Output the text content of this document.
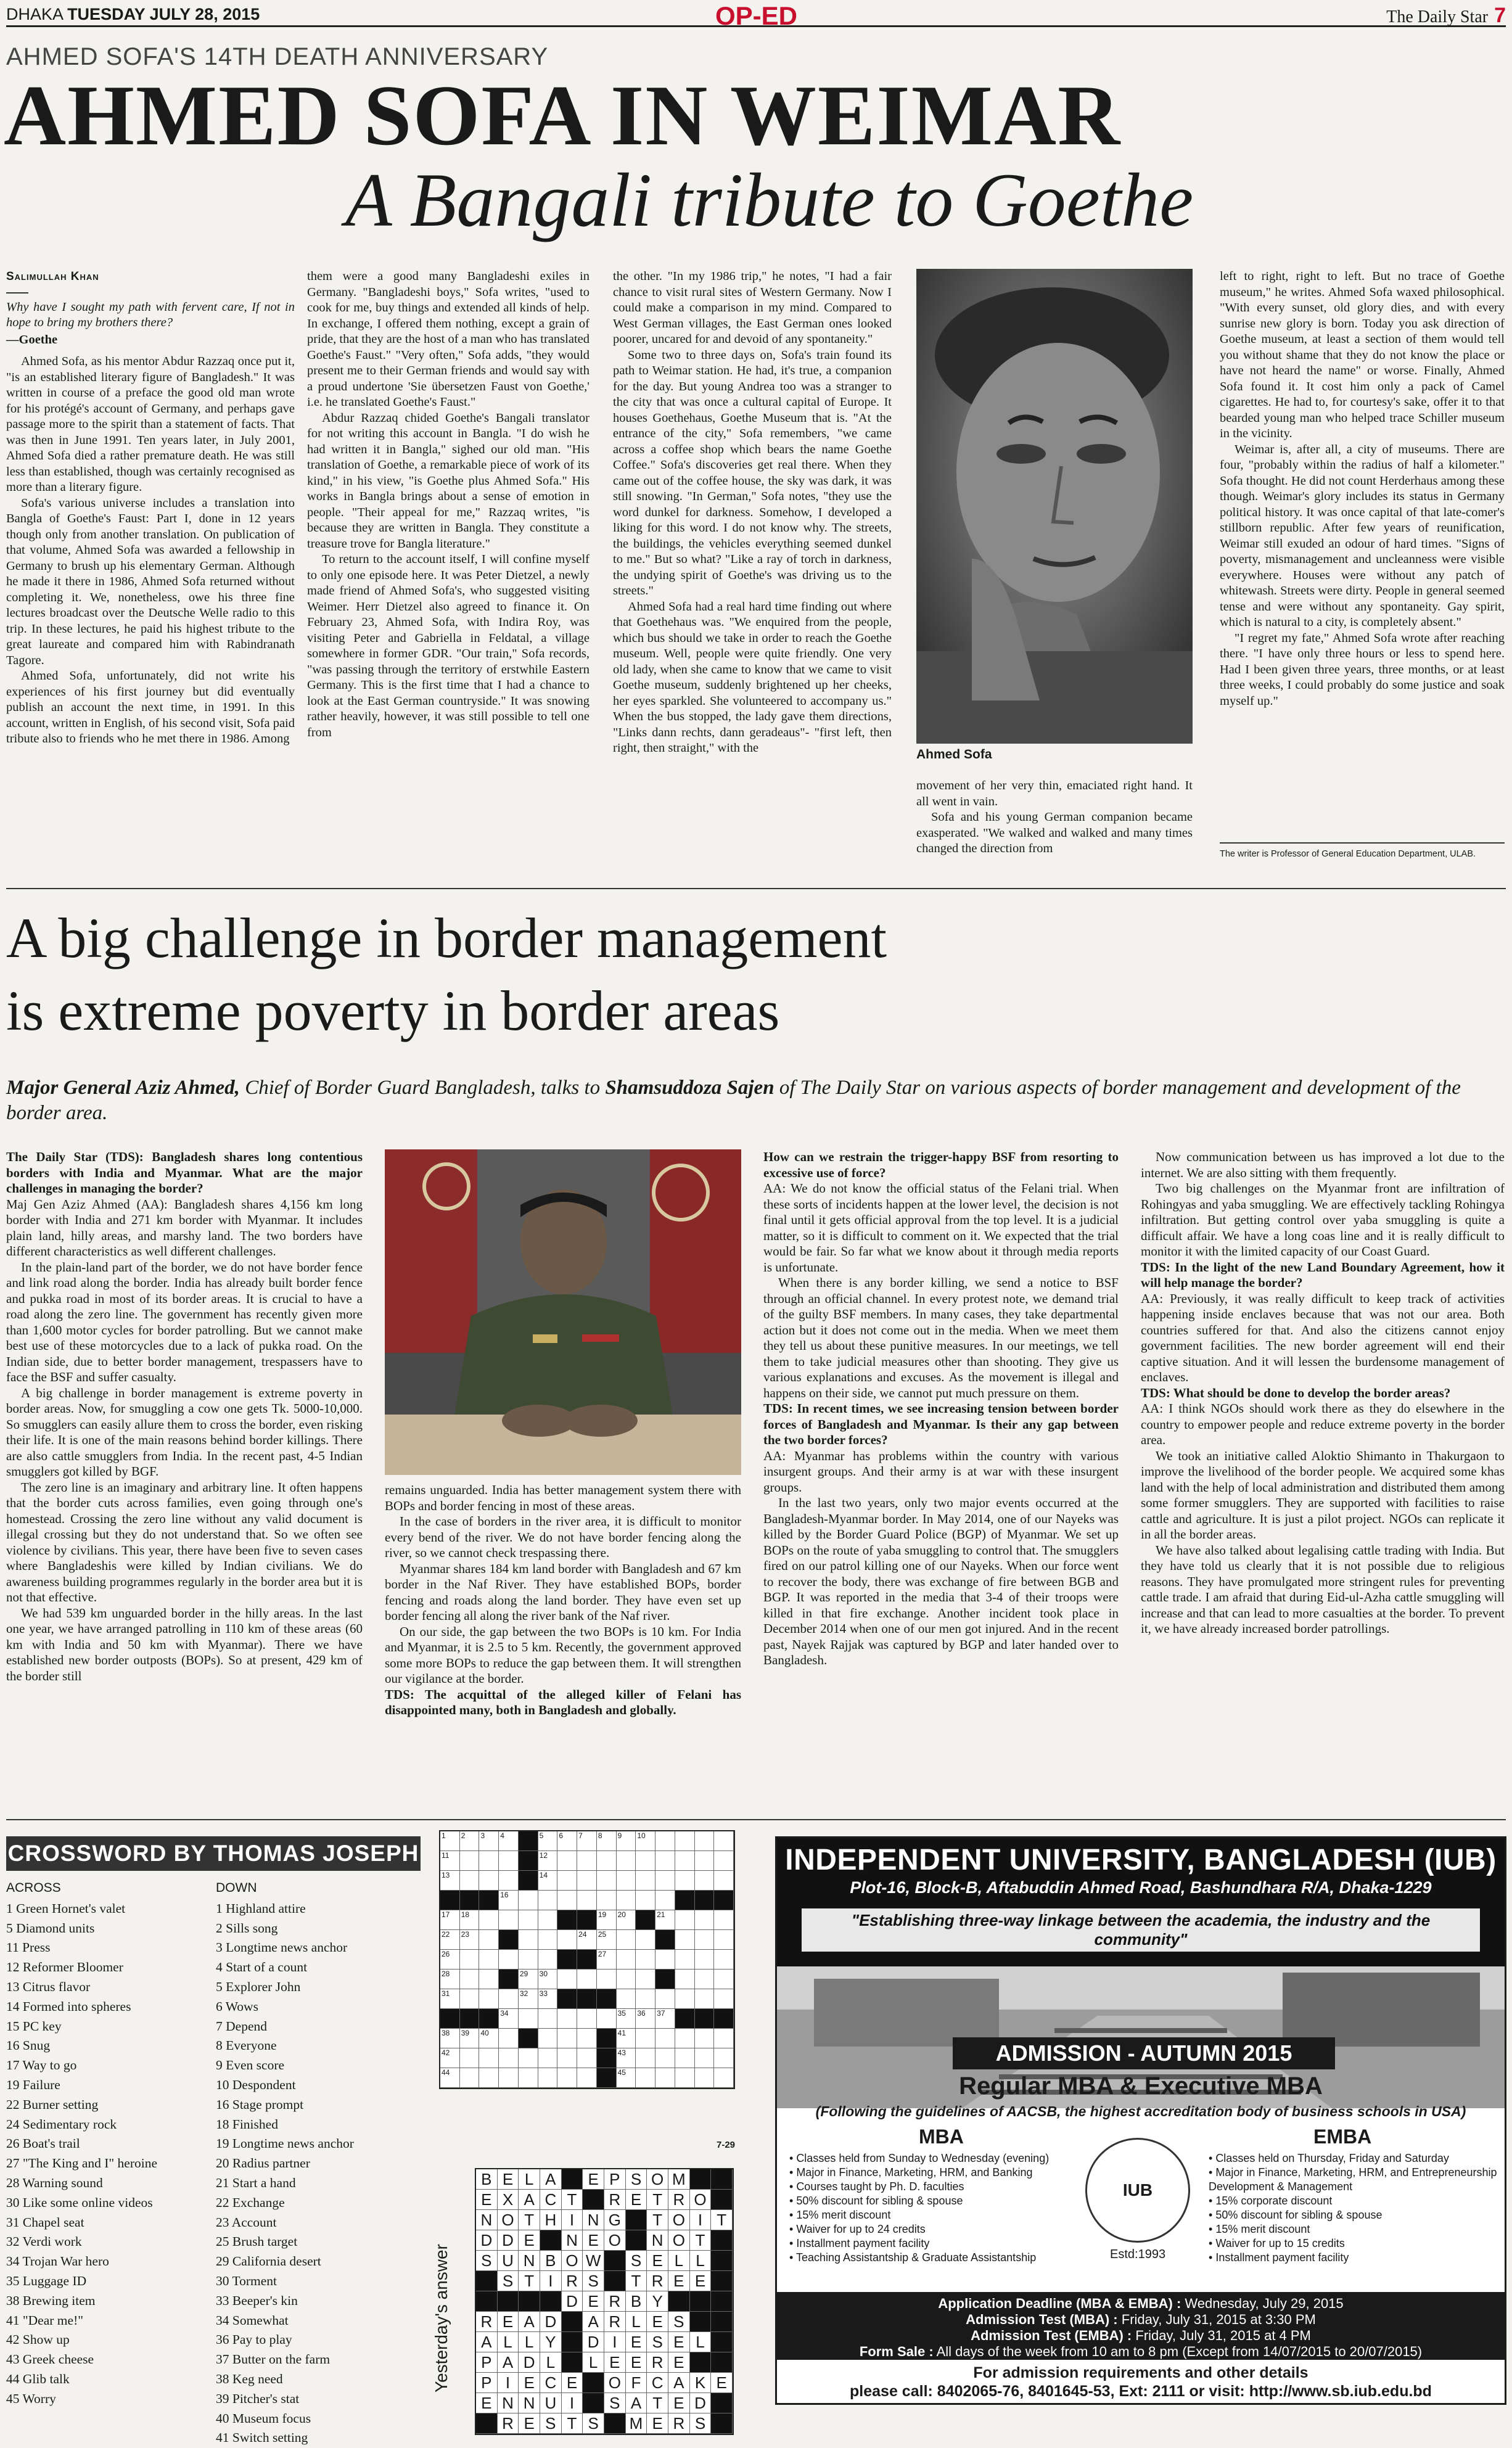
DHAKA TUESDAY JULY 28, 2015	OP-ED	The Daily Star 7
AHMED SOFA'S 14TH DEATH ANNIVERSARY
AHMED SOFA IN WEIMAR
A Bangali tribute to Goethe
Salimullah Khan

Why have I sought my path with fervent care, If not in hope to bring my brothers there?

—Goethe

Ahmed Sofa, as his mentor Abdur Razzaq once put it, "is an established literary figure of Bangladesh." It was written in course of a preface the good old man wrote for his protégé's account of Germany, and perhaps gave passage more to the spirit than a statement of facts. That was then in June 1991. Ten years later, in July 2001, Ahmed Sofa died a rather premature death. He was still less than established, though was certainly recognised as more than a literary figure.

Sofa's various universe includes a translation into Bangla of Goethe's Faust: Part I, done in 12 years though only from another translation. On publication of that volume, Ahmed Sofa was awarded a fellowship in Germany to brush up his elementary German. Although he made it there in 1986, Ahmed Sofa returned without completing it. We, nonetheless, owe his three fine lectures broadcast over the Deutsche Welle radio to this trip. In these lectures, he paid his highest tribute to the great laureate and compared him with Rabindranath Tagore.

Ahmed Sofa, unfortunately, did not write his experiences of his first journey but did eventually publish an account the next time, in 1991. In this account, written in English, of his second visit, Sofa paid tribute also to friends who he met there in 1986. Among

them were a good many Bangladeshi exiles in Germany. "Bangladeshi boys," Sofa writes, "used to cook for me, buy things and extended all kinds of help. In exchange, I offered them nothing, except a grain of pride, that they are the host of a man who has translated Goethe's Faust." "Very often," Sofa adds, "they would present me to their German friends and would say with a proud undertone 'Sie übersetzen Faust von Goethe,' i.e. he translated Goethe's Faust."

Abdur Razzaq chided Goethe's Bangali translator for not writing this account in Bangla. "I do wish he had written it in Bangla," sighed our old man. "His translation of Goethe, a remarkable piece of work of its kind," in his view, "is Goethe plus Ahmed Sofa." His works in Bangla brings about a sense of emotion in people. "Their appeal for me," Razzaq writes, "is because they are written in Bangla. They constitute a treasure trove for Bangla literature."

To return to the account itself, I will confine myself to only one episode here. It was Peter Dietzel, a newly made friend of Ahmed Sofa's, who suggested visiting Weimer. Herr Dietzel also agreed to finance it. On February 23, Ahmed Sofa, with Indira Roy, was visiting Peter and Gabriella in Feldatal, a village somewhere in former GDR. "Our train," Sofa records, "was passing through the territory of erstwhile Eastern Germany. This is the first time that I had a chance to look at the East German countryside." It was snowing rather heavily, however, it was still possible to tell one from

the other. "In my 1986 trip," he notes, "I had a fair chance to visit rural sites of Western Germany. Now I could make a comparison in my mind. Compared to West German villages, the East German ones looked poorer, uncared for and devoid of any spontaneity."

Some two to three days on, Sofa's train found its path to Weimar station. He had, it's true, a companion for the day. But young Andrea too was a stranger to the city that was once a cultural capital of Europe. It houses Goethehaus, Goethe Museum that is. "At the entrance of the city," Sofa remembers, "we came across a coffee shop which bears the name Goethe Coffee." Sofa's discoveries get real there. When they came out of the coffee house, the sky was dark, it was still snowing. "In German," Sofa notes, "they use the word dunkel for darkness. Somehow, I developed a liking for this word. I do not know why. The streets, the buildings, the vehicles everything seemed dunkel to me." But so what? "Like a ray of torch in darkness, the undying spirit of Goethe's was driving us to the streets."

Ahmed Sofa had a real hard time finding out where that Goethehaus was. "We enquired from the people, which bus should we take in order to reach the Goethe museum. Well, people were quite friendly. One very old lady, when she came to know that we came to visit Goethe museum, suddenly brightened up her cheeks, her eyes sparkled. She volunteered to accompany us." When the bus stopped, the lady gave them directions, "Links dann rechts, dann geradeaus"- "first left, then right, then straight," with the	Ahmed Sofa

movement of her very thin, emaciated right hand. It all went in vain.

Sofa and his young German companion became exasperated. "We walked and walked and many times changed the direction from

left to right, right to left. But no trace of Goethe museum," he writes. Ahmed Sofa waxed philosophical. "With every sunset, old glory dies, and with every sunrise new glory is born. Today you ask direction of Goethe museum, at least a section of them would tell you without shame that they do not know the place or have not heard the name" or worse. Finally, Ahmed Sofa found it. It cost him only a pack of Camel cigarettes. He had to, for courtesy's sake, offer it to that bearded young man who helped trace Schiller museum in the vicinity.

Weimar is, after all, a city of museums. There are four, "probably within the radius of half a kilometer." Sofa thought. He did not count Herderhaus among these though. Weimar's glory includes its status in Germany political history. It was once capital of that late-comer's stillborn republic. After few years of reunification, Weimar still exuded an odour of hard times. "Signs of poverty, mismanagement and uncleanness were visible everywhere. Houses were without any patch of whitewash. Streets were dirty. People in general seemed tense and were without any spontaneity. Gay spirit, which is natural to a city, is completely absent."

"I regret my fate," Ahmed Sofa wrote after reaching there. "I have only three hours or less to spend here. Had I been given three years, three months, or at least three weeks, I could probably do some justice and soak myself up."

The writer is Professor of General Education Department, ULAB.
A big challenge in border management
is extreme poverty in border areas
Major General Aziz Ahmed, Chief of Border Guard Bangladesh, talks to Shamsuddoza Sajen of The Daily Star on various aspects of border management and development of the border area.

The Daily Star (TDS): Bangladesh shares long contentious borders with India and Myanmar. What are the major challenges in managing the border?

Maj Gen Aziz Ahmed (AA): Bangladesh shares 4,156 km long border with India and 271 km border with Myanmar. It includes plain land, hilly areas, and marshy land. The two borders have different characteristics as well different challenges.

In the plain-land part of the border, we do not have border fence and link road along the border. India has already built border fence and pukka road in most of its border areas. It is crucial to have a road along the zero line. The government has recently given more than 1,600 motor cycles for border patrolling. But we cannot make best use of these motorcycles due to a lack of pukka road. On the Indian side, due to better border management, trespassers have to face the BSF and suffer casualty.

A big challenge in border management is extreme poverty in border areas. Now, for smuggling a cow one gets Tk. 5000-10,000. So smugglers can easily allure them to cross the border, even risking their life. It is one of the main reasons behind border killings. There are also cattle smugglers from India. In the recent past, 4-5 Indian smugglers got killed by BGF.

The zero line is an imaginary and arbitrary line. It often happens that the border cuts across families, even going through one's homestead. Crossing the zero line without any valid document is illegal crossing but they do not understand that. So we often see violence by civilians. This year, there have been five to seven cases where Bangladeshis were killed by Indian civilians. We do awareness building programmes regularly in the border area but it is not that effective.

We had 539 km unguarded border in the hilly areas. In the last one year, we have arranged patrolling in 110 km of these areas (60 km with India and 50 km with Myanmar). There we have established new border outposts (BOPs). So at present, 429 km of the border still

remains unguarded. India has better management system there with BOPs and border fencing in most of these areas.

In the case of borders in the river area, it is difficult to monitor every bend of the river. We do not have border fencing along the river, so we cannot check trespassing there.

Myanmar shares 184 km land border with Bangladesh and 67 km border in the Naf River. They have established BOPs, border fencing and roads along the land border. They have even set up border fencing all along the river bank of the Naf river.

On our side, the gap between the two BOPs is 10 km. For India and Myanmar, it is 2.5 to 5 km. Recently, the government approved some more BOPs to reduce the gap between them. It will strengthen our vigilance at the border.

TDS: The acquittal of the alleged killer of Felani has disappointed many, both in Bangladesh and globally.

How can we restrain the trigger-happy BSF from resorting to excessive use of force?

AA: We do not know the official status of the Felani trial. When these sorts of incidents happen at the lower level, the decision is not final until it gets official approval from the top level. It is a judicial matter, so it is difficult to comment on it. We expected that the trial would be fair. So far what we know about it through media reports is unfortunate.

When there is any border killing, we send a notice to BSF through an official channel. In every protest note, we demand trial of the guilty BSF members. In many cases, they take departmental action but it does not come out in the media. When we meet them they tell us about these punitive measures. In our meetings, we tell them to take judicial measures other than shooting. They give us various explanations and excuses. As the movement is illegal and happens on their side, we cannot put much pressure on them.

TDS: In recent times, we see increasing tension between border forces of Bangladesh and Myanmar. Is their any gap between the two border forces?

AA: Myanmar has problems within the country with various insurgent groups. And their army is at war with these insurgent groups.

In the last two years, only two major events occurred at the Bangladesh-Myanmar border. In May 2014, one of our Nayeks was killed by the Border Guard Police (BGP) of Myanmar. We set up BOPs on the route of yaba smuggling to control that. The smugglers fired on our patrol killing one of our Nayeks. When our force went to recover the body, there was exchange of fire between BGB and BGP. It was reported in the media that 3-4 of their troops were killed in that fire exchange. Another incident took place in December 2014 when one of our men got injured. And in the recent past, Nayek Rajjak was captured by BGP and later handed over to Bangladesh.

Now communication between us has improved a lot due to the internet. We are also sitting with them frequently.

Two big challenges on the Myanmar front are infiltration of Rohingyas and yaba smuggling. We are effectively tackling Rohingya infiltration. But getting control over yaba smuggling is quite a difficult affair. We have a long coas line and it is really difficult to monitor it with the limited capacity of our Coast Guard.

TDS: In the light of the new Land Boundary Agreement, how it will help manage the border?

AA: Previously, it was really difficult to keep track of activities happening inside enclaves because that was not our area. Both countries suffered for that. And also the citizens cannot enjoy government facilities. The new border agreement will end their captive situation. And it will lessen the burdensome management of enclaves.

TDS: What should be done to develop the border areas?

AA: I think NGOs should work there as they do elsewhere in the country to empower people and reduce extreme poverty in the border area.

We took an initiative called Aloktio Shimanto in Thakurgaon to improve the livelihood of the border people. We acquired some khas land with the help of local administration and distributed them among some former smugglers. They are supported with facilities to raise cattle and agriculture. It is just a pilot project. NGOs can replicate it in all the border areas.

We have also talked about legalising cattle trading with India. But they have told us clearly that it is not possible due to religious reasons. They have promulgated more stringent rules for preventing cattle trade. I am afraid that during Eid-ul-Azha cattle smuggling will increase and that can lead to more casualties at the border. To prevent it, we have already increased border patrollings.

CROSSWORD BY THOMAS JOSEPH
ACROSS
1 Green Hornet's valet
5 Diamond units
11 Press
12 Reformer Bloomer
13 Citrus flavor
14 Formed into spheres
15 PC key
16 Snug
17 Way to go
19 Failure
22 Burner setting
24 Sedimentary rock
26 Boat's trail
27 "The King and I" heroine
28 Warning sound
30 Like some online videos
31 Chapel seat
32 Verdi work
34 Trojan War hero
35 Luggage ID
38 Brewing item
41 "Dear me!"
42 Show up
43 Greek cheese
44 Glib talk
45 Worry
DOWN
1 Highland attire
2 Sills song
3 Longtime news anchor
4 Start of a count
5 Explorer John
6 Wows
7 Depend
8 Everyone
9 Even score
10 Despondent
16 Stage prompt
18 Finished
19 Longtime news anchor
20 Radius partner
21 Start a hand
22 Exchange
23 Account
25 Brush target
29 California desert
30 Torment
33 Beeper's kin
34 Somewhat
36 Pay to play
37 Butter on the farm
38 Keg need
39 Pitcher's stat
40 Museum focus
41 Switch setting
1 2 3 4	5 6 7 8 9 10
11	12
13	14
16
17 18	19 20	21
22 23	24 25
26	27
28	29 30
31	32 33
34	35 36 37
38 39 40	41
42	43
44	45
7-29
Yesterday's answer
B E L A	E P S O M
E X A C T	R E T R O
N O T H I N G	T O I T
D D E	N E O N O T
S U N B O W	S E L L
S T I R S	T R E E
D E R B Y
R E A D	A R L E S
A L L Y	D I E S E L
P A D L	L E E R E
P I E C E	O F C A K E
E N N U I	S A T E D
R E S T S	M E R S
INDEPENDENT UNIVERSITY, BANGLADESH (IUB)
Plot-16, Block-B, Aftabuddin Ahmed Road, Bashundhara R/A, Dhaka-1229
"Establishing three-way linkage between the academia, the industry and the community"
ADMISSION - AUTUMN 2015
Regular MBA & Executive MBA
(Following the guidelines of AACSB, the highest accreditation body of business schools in USA)
MBA	EMBA
• Classes held from Sunday to Wednesday (evening)
• Major in Finance, Marketing, HRM, and Banking
• Courses taught by Ph. D. faculties
• 50% discount for sibling & spouse
• 15% merit discount
• Waiver for up to 24 credits
• Installment payment facility
• Teaching Assistantship & Graduate Assistantship
IUB
Estd:1993
• Classes held on Thursday, Friday and Saturday
• Major in Finance, Marketing, HRM, and Entrepreneurship Development & Management
• 15% corporate discount
• 50% discount for sibling & spouse
• 15% merit discount
• Waiver for up to 15 credits
• Installment payment facility
Application Deadline (MBA & EMBA) : Wednesday, July 29, 2015
Admission Test (MBA) : Friday, July 31, 2015 at 3:30 PM
Admission Test (EMBA) : Friday, July 31, 2015 at 4 PM
Form Sale : All days of the week from 10 am to 8 pm (Except from 14/07/2015 to 20/07/2015)
For admission requirements and other details
please call: 8402065-76, 8401645-53, Ext: 2111 or visit: http://www.sb.iub.edu.bd
